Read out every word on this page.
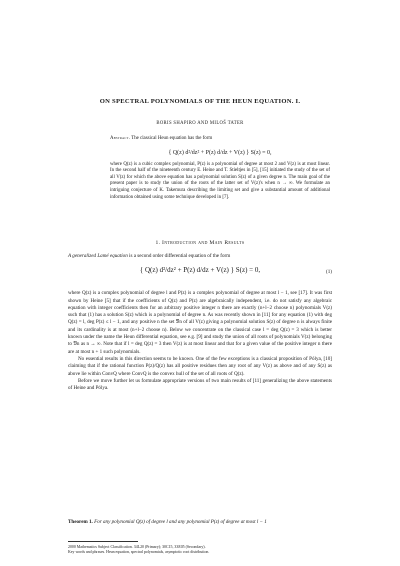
ON SPECTRAL POLYNOMIALS OF THE HEUN EQUATION. I.
BORIS SHAPIRO AND MILOŠ TATER
Abstract. The classical Heun equation has the form
{ Q(z) d²/dz² + P(z) d/dz + V(z) } S(z) = 0,
where Q(z) is a cubic complex polynomial, P(z) is a polynomial of degree at most 2 and V(z) is at most linear. In the second half of the nineteenth century E. Heine and T. Stieltjes in [5], [15] initiated the study of the set of all V(z) for which the above equation has a polynomial solution S(z) of a given degree n. The main goal of the present paper is to study the union of the roots of the latter set of V(z)'s when n → ∞. We formulate an intriguing conjecture of K. Takemura describing the limiting set and give a substantial amount of additional information obtained using some technique developed in [7].
1. Introduction and Main Results

A generalized Lamé equation is a second order differential equation of the form

{ Q(z) d²/dz² + P(z) d/dz + V(z) } S(z) = 0,	(1)

where Q(z) is a complex polynomial of degree l and P(z) is a complex polynomial of degree at most l − 1, see [17]. It was first shown by Heine [5] that if the coefficients of Q(z) and P(z) are algebraically independent, i.e. do not satisfy any algebraic equation with integer coefficients then for an arbitrary positive integer n there are exactly (n+l−2 choose n) polynomials V(z) such that (1) has a solution S(z) which is a polynomial of degree n. As was recently shown in [11] for any equation (1) with deg Q(z) = l, deg P(z) ≤ l − 1, and any positive n the set 𝔙n of all V(z) giving a polynomial solution S(z) of degree n is always finite and its cardinality is at most (n+l−2 choose n). Below we concentrate on the classical case l = deg Q(z) = 3 which is better known under the name the Heun differential equation, see e.g. [9] and study the union of all roots of polynomials V(z) belonging to 𝔙n as n → ∞. Note that if l = deg Q(z) = 3 then V(z) is at most linear and that for a given value of the positive integer n there are at most n + 1 such polynomials.

No essential results in this direction seems to be known. One of the few exceptions is a classical proposition of Pólya, [10] claiming that if the rational function P(z)/Q(z) has all positive residues then any root of any V(z) as above and of any S(z) as above lie within ConvQ where ConvQ is the convex hull of the set of all roots of Q(z).

Before we move further let us formulate appropriate versions of two main results of [11] generalizing the above statements of Heine and Pólya.

Theorem 1. For any polynomial Q(z) of degree l and any polynomial P(z) of degree at most l − 1
2000 Mathematics Subject Classification. 34L20 (Primary); 30C15, 33E05 (Secondary).
Key words and phrases. Heun equation, spectral polynomials, asymptotic root distribution.
